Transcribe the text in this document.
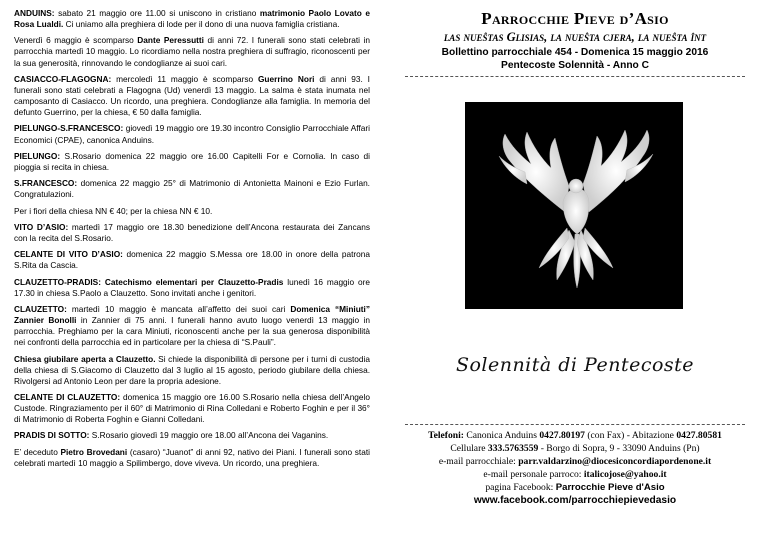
ANDUINS: sabato 21 maggio ore 11.00 si uniscono in cristiano matrimonio Paolo Lovato e Rosa Lualdi. Ci uniamo alla preghiera di lode per il dono di una nuova famiglia cristiana.
Venerdì 6 maggio è scomparso Dante Peressutti di anni 72. I funerali sono stati celebrati in parrocchia martedì 10 maggio. Lo ricordiamo nella nostra preghiera di suffragio, riconoscenti per la sua generosità, rinnovando le condoglianze ai suoi cari.
CASIACCO-FLAGOGNA: mercoledì 11 maggio è scomparso Guerrino Nori di anni 93. I funerali sono stati celebrati a Flagogna (Ud) venerdì 13 maggio. La salma è stata inumata nel camposanto di Casiacco. Un ricordo, una preghiera. Condoglianze alla famiglia. In memoria del defunto Guerrino, per la chiesa, € 50 dalla famiglia.
PIELUNGO-S.FRANCESCO: giovedì 19 maggio ore 19.30 incontro Consiglio Parrocchiale Affari Economici (CPAE), canonica Anduins.
PIELUNGO: S.Rosario domenica 22 maggio ore 16.00 Capitelli For e Cornolia. In caso di pioggia si recita in chiesa.
S.FRANCESCO: domenica 22 maggio 25° di Matrimonio di Antonietta Mainoni e Ezio Furlan. Congratulazioni.
Per i fiori della chiesa NN € 40; per la chiesa NN € 10.
VITO D’ASIO: martedì 17 maggio ore 18.30 benedizione dell’Ancona restaurata dei Zancans con la recita del S.Rosario.
CELANTE DI VITO D’ASIO: domenica 22 maggio S.Messa ore 18.00 in onore della patrona S.Rita da Cascia.
CLAUZETTO-PRADIS: Catechismo elementari per Clauzetto-Pradis lunedì 16 maggio ore 17.30 in chiesa S.Paolo a Clauzetto. Sono invitati anche i genitori.
CLAUZETTO: martedì 10 maggio è mancata all’affetto dei suoi cari Domenica “Miniuti” Zannier Bonolli in Zannier di 75 anni. I funerali hanno avuto luogo venerdì 13 maggio in parrocchia. Preghiamo per la cara Miniuti, riconoscenti anche per la sua generosa disponibilità nei confronti della parrocchia ed in particolare per la chiesa di “S.Pauli”.
Chiesa giubilare aperta a Clauzetto. Si chiede la disponibilità di persone per i turni di custodia della chiesa di S.Giacomo di Clauzetto dal 3 luglio al 15 agosto, periodo giubilare della chiesa. Rivolgersi ad Antonio Leon per dare la propria adesione.
CELANTE DI CLAUZETTO: domenica 15 maggio ore 16.00 S.Rosario nella chiesa dell’Angelo Custode. Ringraziamento per il 60° di Matrimonio di Rina Colledani e Roberto Foghin e per il 36° di Matrimonio di Roberta Foghin e Gianni Colledani.
PRADIS DI SOTTO: S.Rosario giovedì 19 maggio ore 18.00 all’Ancona dei Vaganins.
E’ deceduto Pietro Brovedani (casaro) “Juanot” di anni 92, nativo dei Piani. I funerali sono stati celebrati martedì 10 maggio a Spilimbergo, dove viveva. Un ricordo, una preghiera.
Parrocchie Pieve d’Asio
las nueŝtas Glisias, la nueŝta cjera, la nueŝta înt
Bollettino parrocchiale 454 - Domenica 15 maggio 2016
Pentecoste Solennità - Anno C
Solennità di Pentecoste
Telefoni: Canonica Anduins 0427.80197 (con Fax) - Abitazione 0427.80581
Cellulare 333.5763559 - Borgo di Sopra, 9 - 33090 Anduins (Pn)
e-mail parrocchiale: parr.valdarzino@diocesiconcordiapordenone.it
e-mail personale parroco: italicojose@yahoo.it
pagina Facebook: Parrocchie Pieve d'Asio
www.facebook.com/parrocchiepievedasio
